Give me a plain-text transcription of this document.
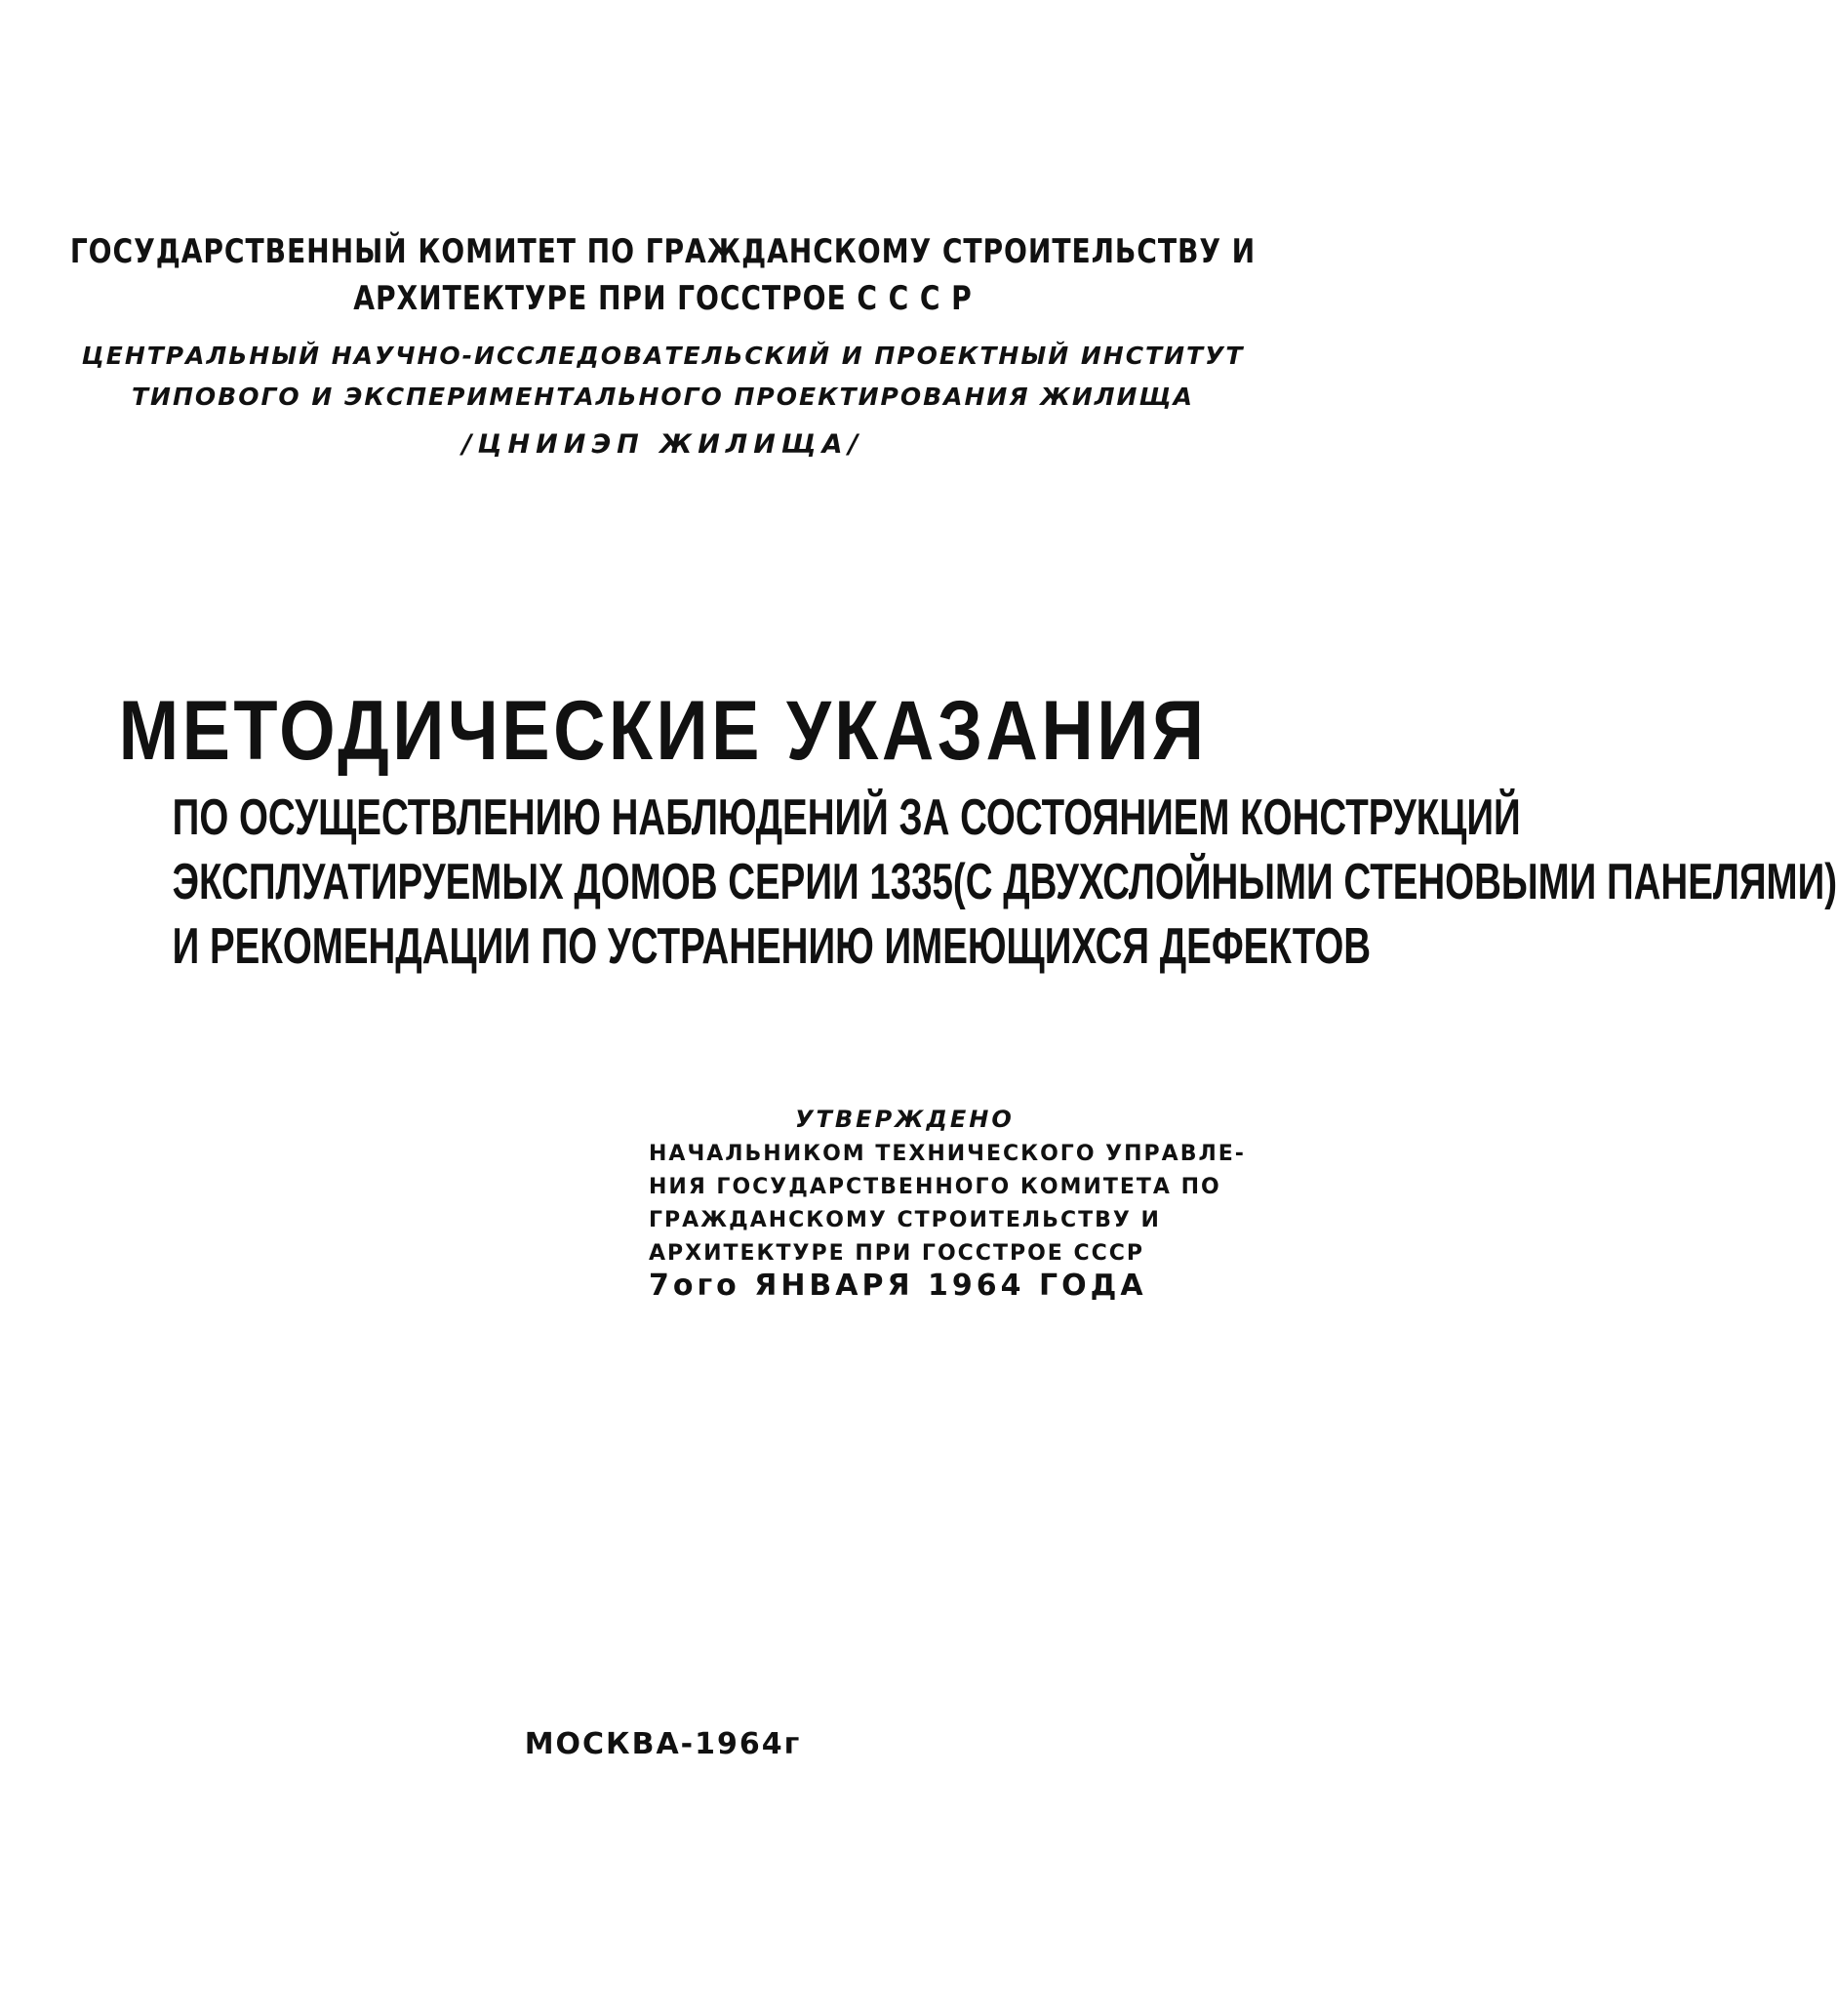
ГОСУДАРСТВЕННЫЙ КОМИТЕТ ПО ГРАЖДАНСКОМУ СТРОИТЕЛЬСТВУ И

АРХИТЕКТУРЕ ПРИ ГОССТРОЕ С С С Р

ЦЕНТРАЛЬНЫЙ НАУЧНО-ИССЛЕДОВАТЕЛЬСКИЙ И ПРОЕКТНЫЙ ИНСТИТУТ

ТИПОВОГО И ЭКСПЕРИМЕНТАЛЬНОГО ПРОЕКТИРОВАНИЯ ЖИЛИЩА

/ЦНИИЭП ЖИЛИЩА/

МЕТОДИЧЕСКИЕ УКАЗАНИЯ

ПО ОСУЩЕСТВЛЕНИЮ НАБЛЮДЕНИЙ ЗА СОСТОЯНИЕМ КОНСТРУКЦИЙ

ЭКСПЛУАТИРУЕМЫХ ДОМОВ СЕРИИ 1335(С ДВУХСЛОЙНЫМИ СТЕНОВЫМИ ПАНЕЛЯМИ)

И РЕКОМЕНДАЦИИ ПО УСТРАНЕНИЮ ИМЕЮЩИХСЯ ДЕФЕКТОВ

УТВЕРЖДЕНО

НАЧАЛЬНИКОМ ТЕХНИЧЕСКОГО УПРАВЛЕ-

НИЯ ГОСУДАРСТВЕННОГО КОМИТЕТА ПО

ГРАЖДАНСКОМУ СТРОИТЕЛЬСТВУ И

АРХИТЕКТУРЕ ПРИ ГОССТРОЕ СССР

7ого ЯНВАРЯ 1964 ГОДА

МОСКВА-1964г
